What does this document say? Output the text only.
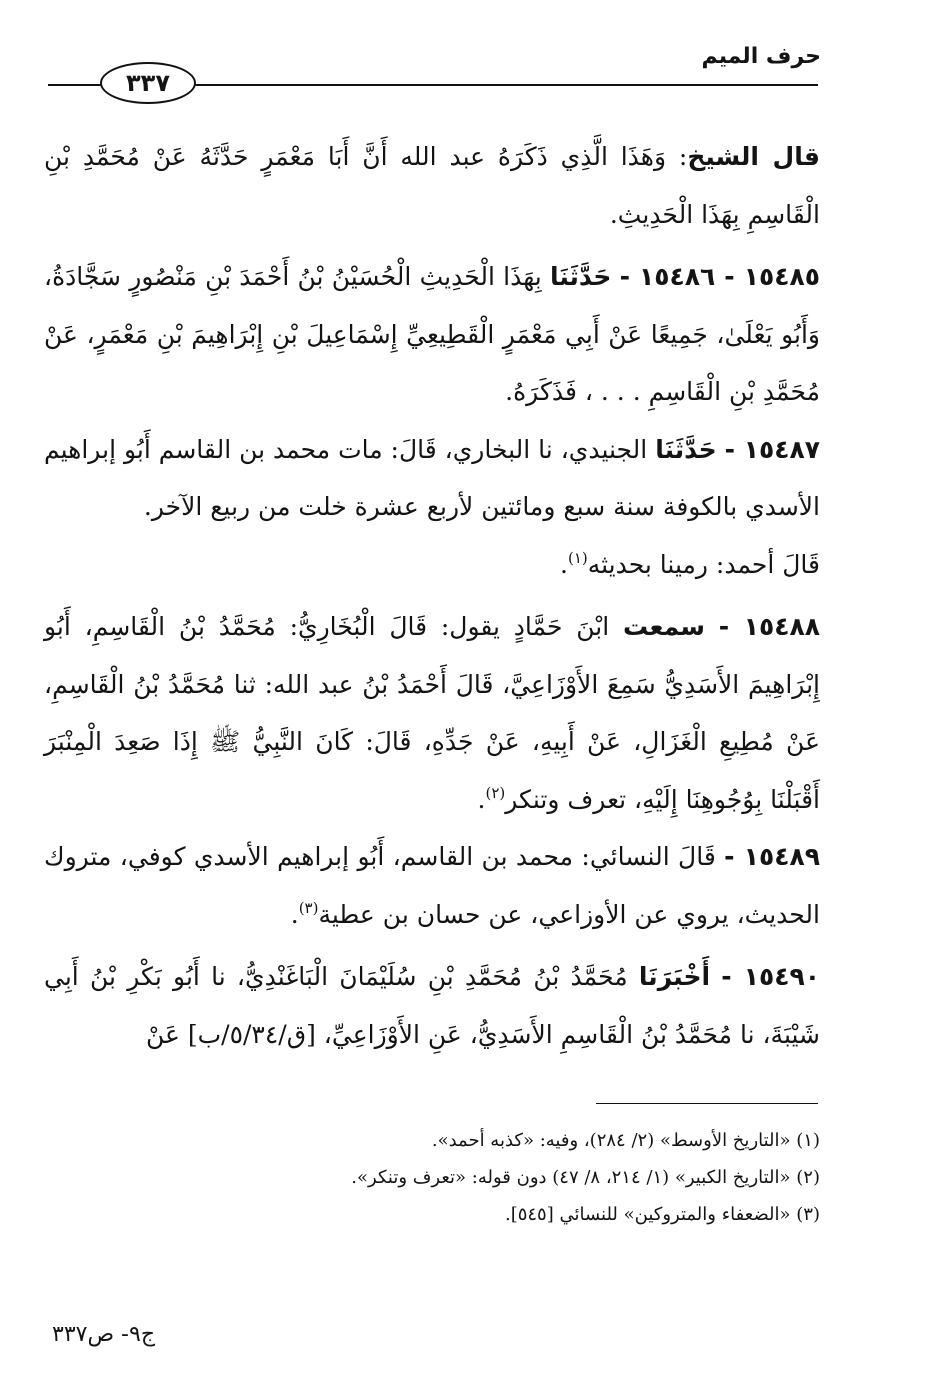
حرف الميم
٣٣٧

قال الشيخ: وَهَذَا الَّذِي ذَكَرَهُ عبد الله أَنَّ أَبَا مَعْمَرٍ حَدَّثَهُ عَنْ مُحَمَّدِ بْنِ الْقَاسِمِ بِهَذَا الْحَدِيثِ.

١٥٤٨٥ - ١٥٤٨٦ - حَدَّثَنَا بِهَذَا الْحَدِيثِ الْحُسَيْنُ بْنُ أَحْمَدَ بْنِ مَنْصُورٍ سَجَّادَةُ، وَأَبُو يَعْلَىٰ، جَمِيعًا عَنْ أَبِي مَعْمَرٍ الْقَطِيعِيِّ إِسْمَاعِيلَ بْنِ إِبْرَاهِيمَ بْنِ مَعْمَرٍ، عَنْ مُحَمَّدِ بْنِ الْقَاسِمِ . . . ، فَذَكَرَهُ.

١٥٤٨٧ - حَدَّثَنَا الجنيدي، نا البخاري، قَالَ: مات محمد بن القاسم أَبُو إبراهيم الأسدي بالكوفة سنة سبع ومائتين لأربع عشرة خلت من ربيع الآخر.

قَالَ أحمد: رمينا بحديثه$^{(١)}$.

١٥٤٨٨ - سمعت ابْنَ حَمَّادٍ يقول: قَالَ الْبُخَارِيُّ: مُحَمَّدُ بْنُ الْقَاسِمِ، أَبُو إِبْرَاهِيمَ الأَسَدِيُّ سَمِعَ الأَوْزَاعِيَّ، قَالَ أَحْمَدُ بْنُ عبد الله: ثنا مُحَمَّدُ بْنُ الْقَاسِمِ، عَنْ مُطِيعِ الْغَزَالِ، عَنْ أَبِيهِ، عَنْ جَدِّهِ، قَالَ: كَانَ النَّبِيُّ ﷺ إِذَا صَعِدَ الْمِنْبَرَ أَقْبَلْنَا بِوُجُوهِنَا إِلَيْهِ، تعرف وتنكر$^{(٢)}$.

١٥٤٨٩ - قَالَ النسائي: محمد بن القاسم، أَبُو إبراهيم الأسدي كوفي، متروك الحديث، يروي عن الأوزاعي، عن حسان بن عطية$^{(٣)}$.

١٥٤٩٠ - أَخْبَرَنَا مُحَمَّدُ بْنُ مُحَمَّدِ بْنِ سُلَيْمَانَ الْبَاغَنْدِيُّ، نا أَبُو بَكْرِ بْنُ أَبِي شَيْبَةَ، نا مُحَمَّدُ بْنُ الْقَاسِمِ الأَسَدِيُّ، عَنِ الأَوْزَاعِيِّ، [ق/٥/٣٤/ب] عَنْ

(١) «التاريخ الأوسط» (٢/ ٢٨٤)، وفيه: «كذبه أحمد».
(٢) «التاريخ الكبير» (١/ ٢١٤، ٨/ ٤٧) دون قوله: «تعرف وتنكر».
(٣) «الضعفاء والمتروكين» للنسائي [٥٤٥].
ج٩- ص٣٣٧
